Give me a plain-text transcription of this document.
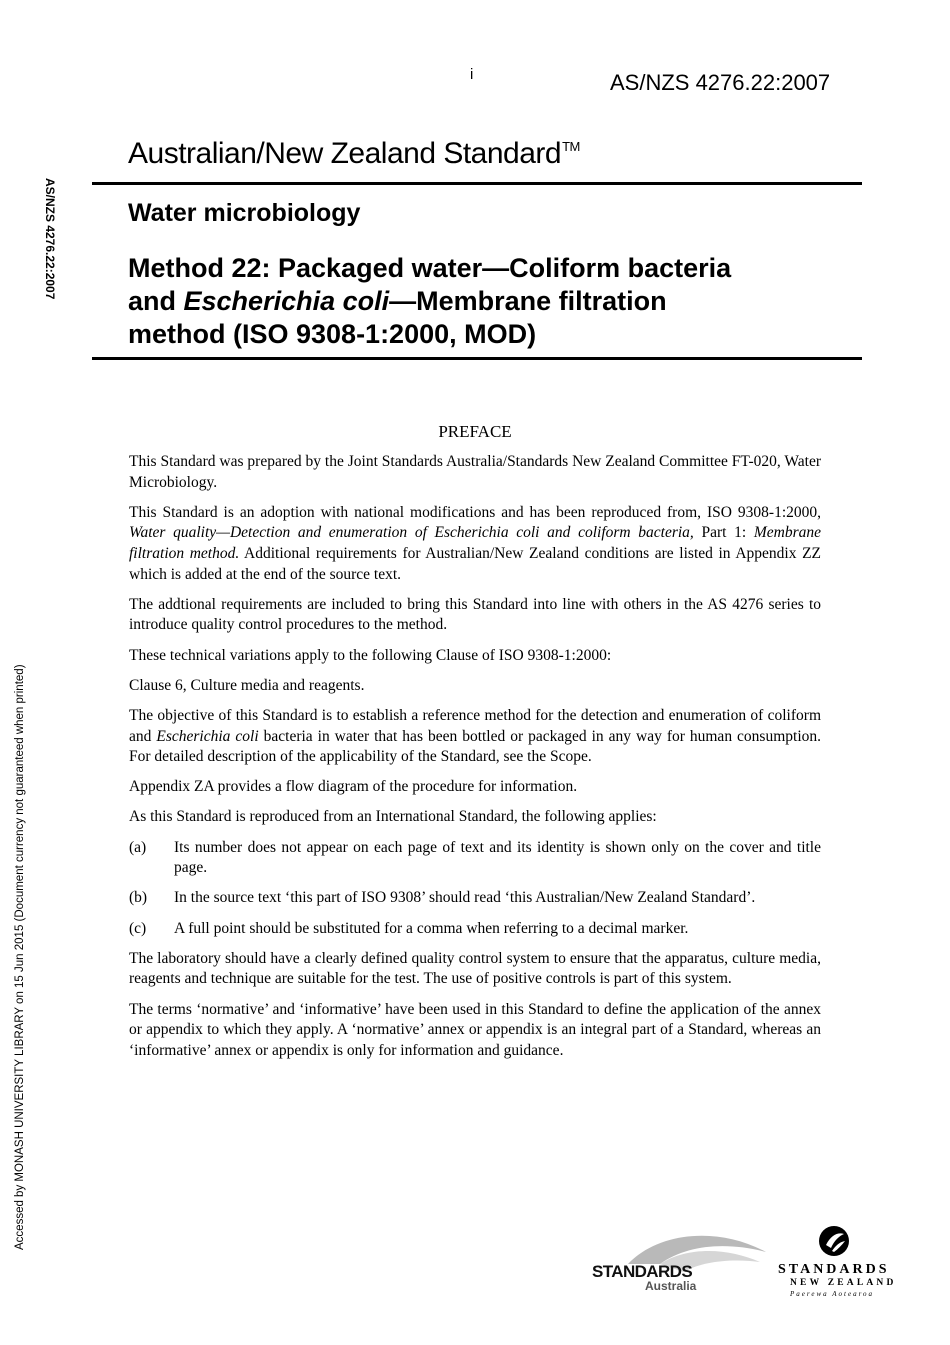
i	AS/NZS 4276.22:2007
Australian/New Zealand Standard™
Water microbiology
Method 22: Packaged water—Coliform bacteria
and Escherichia coli—Membrane filtration
method (ISO 9308-1:2000, MOD)
AS/NZS 4276.22:2007
Accessed by MONASH UNIVERSITY LIBRARY on 15 Jun 2015 (Document currency not guaranteed when printed)
PREFACE

This Standard was prepared by the Joint Standards Australia/Standards New Zealand Committee FT-020, Water Microbiology.

This Standard is an adoption with national modifications and has been reproduced from, ISO 9308-1:2000, Water quality—Detection and enumeration of Escherichia coli and coliform bacteria, Part 1: Membrane filtration method. Additional requirements for Australian/New Zealand conditions are listed in Appendix ZZ which is added at the end of the source text.

The addtional requirements are included to bring this Standard into line with others in the AS 4276 series to introduce quality control procedures to the method.

These technical variations apply to the following Clause of ISO 9308-1:2000:

Clause 6, Culture media and reagents.

The objective of this Standard is to establish a reference method for the detection and enumeration of coliform and Escherichia coli bacteria in water that has been bottled or packaged in any way for human consumption. For detailed description of the applicability of the Standard, see the Scope.

Appendix ZA provides a flow diagram of the procedure for information.

As this Standard is reproduced from an International Standard, the following applies:

(a)	Its number does not appear on each page of text and its identity is shown only on the cover and title page.
(b)	In the source text ‘this part of ISO 9308’ should read ‘this Australian/New Zealand Standard’.
(c)	A full point should be substituted for a comma when referring to a decimal marker.

The laboratory should have a clearly defined quality control system to ensure that the apparatus, culture media, reagents and technique are suitable for the test. The use of positive controls is part of this system.

The terms ‘normative’ and ‘informative’ have been used in this Standard to define the application of the annex or appendix to which they apply. A ‘normative’ annex or appendix is an integral part of a Standard, whereas an ‘informative’ annex or appendix is only for information and guidance.

STANDARDS
Australia
STANDARDS
NEW ZEALAND
Paerewa Aotearoa
